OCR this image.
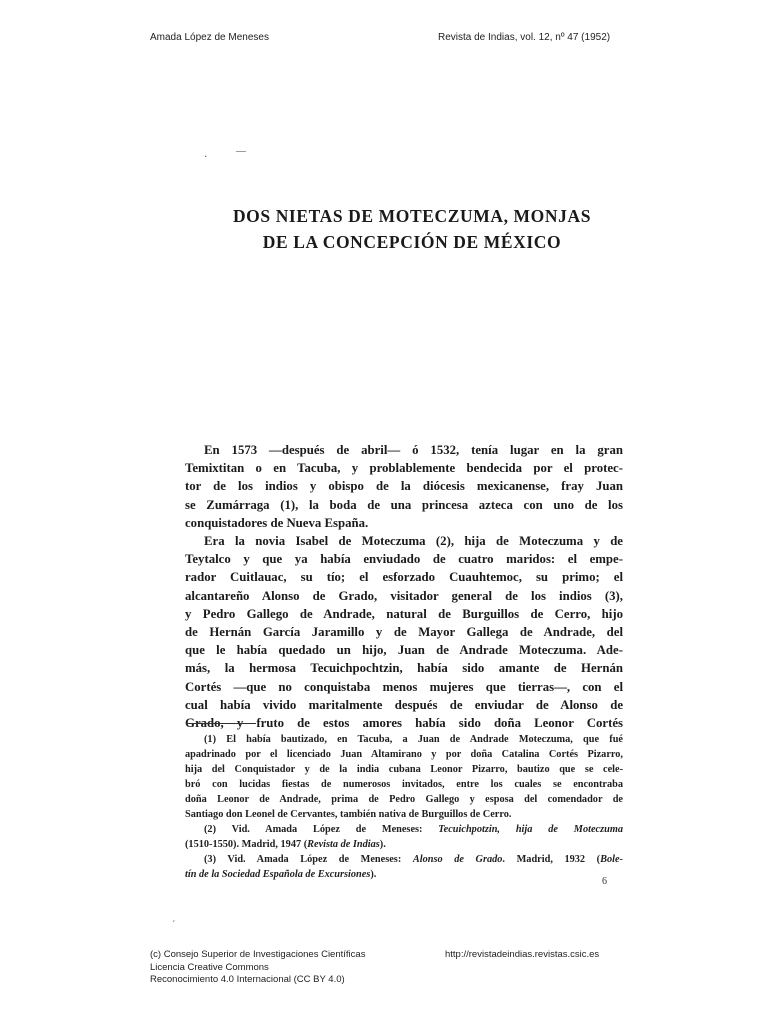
Amada López de Meneses	Revista de Indias, vol. 12, nº 47 (1952)
·
—
DOS NIETAS DE MOTECZUMA, MONJAS
DE LA CONCEPCIÓN DE MÉXICO
En 1573 —después de abril— ó 1532, tenía lugar en la gran
Temixtitan o en Tacuba, y problablemente bendecida por el protec-
tor de los indios y obispo de la diócesis mexicanense, fray Juan
se Zumárraga (1), la boda de una princesa azteca con uno de los
conquistadores de Nueva España.
Era la novia Isabel de Moteczuma (2), hija de Moteczuma y de
Teytalco y que ya había enviudado de cuatro maridos: el empe-
rador Cuitlauac, su tío; el esforzado Cuauhtemoc, su primo; el
alcantareño Alonso de Grado, visitador general de los indios (3),
y Pedro Gallego de Andrade, natural de Burguillos de Cerro, hijo
de Hernán García Jaramillo y de Mayor Gallega de Andrade, del
que le había quedado un hijo, Juan de Andrade Moteczuma. Ade-
más, la hermosa Tecuichpochtzin, había sido amante de Hernán
Cortés —que no conquistaba menos mujeres que tierras—, con el
cual había vivido maritalmente después de enviudar de Alonso de
Grado, y fruto de estos amores había sido doña Leonor Cortés
(1) El había bautizado, en Tacuba, a Juan de Andrade Moteczuma, que fué
apadrinado por el licenciado Juan Altamirano y por doña Catalina Cortés Pizarro,
hija del Conquistador y de la india cubana Leonor Pizarro, bautizo que se cele-
bró con lucidas fiestas de numerosos invitados, entre los cuales se encontraba
doña Leonor de Andrade, prima de Pedro Gallego y esposa del comendador de
Santiago don Leonel de Cervantes, también nativa de Burguillos de Cerro.
(2) Vid. Amada López de Meneses: Tecuichpotzin, hija de Moteczuma
(1510-1550). Madrid, 1947 (Revista de Indias).
(3) Vid. Amada López de Meneses: Alonso de Grado. Madrid, 1932 (Bole-
tín de la Sociedad Española de Excursiones).
6
ˊ
(c) Consejo Superior de Investigaciones Científicas
Licencia Creative Commons
Reconocimiento 4.0 Internacional (CC BY 4.0)
http://revistadeindias.revistas.csic.es
